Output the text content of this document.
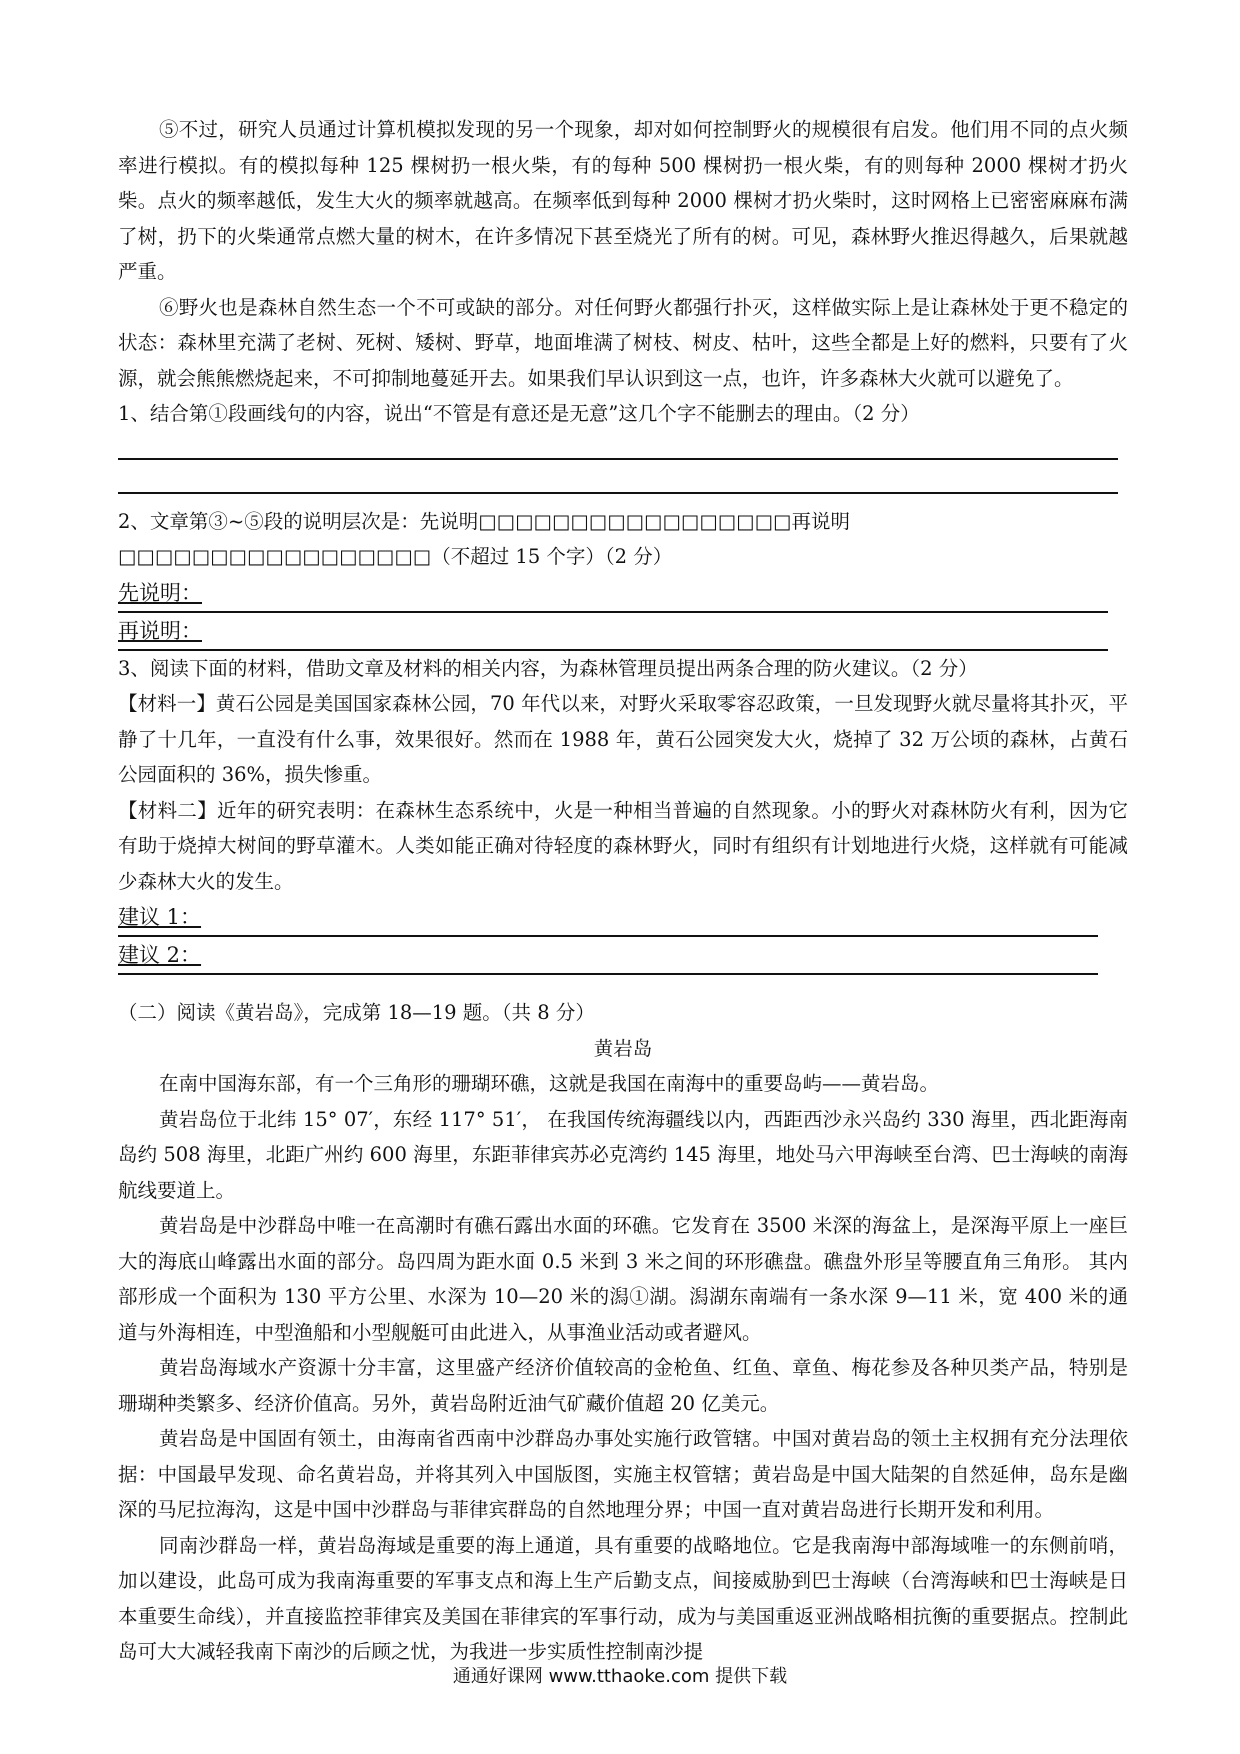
⑤不过，研究人员通过计算机模拟发现的另一个现象，却对如何控制野火的规模很有启发。他们用不同的点火频率进行模拟。有的模拟每种 125 棵树扔一根火柴，有的每种 500 棵树扔一根火柴，有的则每种 2000 棵树才扔火柴。点火的频率越低，发生大火的频率就越高。在频率低到每种 2000 棵树才扔火柴时，这时网格上已密密麻麻布满了树，扔下的火柴通常点燃大量的树木，在许多情况下甚至烧光了所有的树。可见，森林野火推迟得越久，后果就越严重。

⑥野火也是森林自然生态一个不可或缺的部分。对任何野火都强行扑灭，这样做实际上是让森林处于更不稳定的状态：森林里充满了老树、死树、矮树、野草，地面堆满了树枝、树皮、枯叶，这些全都是上好的燃料，只要有了火源，就会熊熊燃烧起来，不可抑制地蔓延开去。如果我们早认识到这一点，也许，许多森林大火就可以避免了。

1、结合第①段画线句的内容，说出“不管是有意还是无意”这几个字不能删去的理由。（2 分）
2、文章第③~⑤段的说明层次是：先说明□□□□□□□□□□□□□□□□□再说明
□□□□□□□□□□□□□□□□□（不超过 15 个字）（2 分）
先说明：
再说明：
3、阅读下面的材料，借助文章及材料的相关内容，为森林管理员提出两条合理的防火建议。（2 分）

【材料一】黄石公园是美国国家森林公园，70 年代以来，对野火采取零容忍政策，一旦发现野火就尽量将其扑灭，平静了十几年，一直没有什么事，效果很好。然而在 1988 年，黄石公园突发大火，烧掉了 32 万公顷的森林，占黄石公园面积的 36%，损失惨重。

【材料二】近年的研究表明：在森林生态系统中，火是一种相当普遍的自然现象。小的野火对森林防火有利，因为它有助于烧掉大树间的野草灌木。人类如能正确对待轻度的森林野火，同时有组织有计划地进行火烧，这样就有可能减少森林大火的发生。

建议 1：
建议 2：
（二）阅读《黄岩岛》，完成第 18—19 题。（共 8 分）
黄岩岛

在南中国海东部，有一个三角形的珊瑚环礁，这就是我国在南海中的重要岛屿——黄岩岛。

黄岩岛位于北纬 15° 07′，东经 117° 51′， 在我国传统海疆线以内，西距西沙永兴岛约 330 海里，西北距海南岛约 508 海里，北距广州约 600 海里，东距菲律宾苏必克湾约 145 海里，地处马六甲海峡至台湾、巴士海峡的南海航线要道上。

黄岩岛是中沙群岛中唯一在高潮时有礁石露出水面的环礁。它发育在 3500 米深的海盆上，是深海平原上一座巨大的海底山峰露出水面的部分。岛四周为距水面 0.5 米到 3 米之间的环形礁盘。礁盘外形呈等腰直角三角形。 其内部形成一个面积为 130 平方公里、水深为 10—20 米的潟①湖。潟湖东南端有一条水深 9—11 米，宽 400 米的通道与外海相连，中型渔船和小型舰艇可由此进入，从事渔业活动或者避风。

黄岩岛海域水产资源十分丰富，这里盛产经济价值较高的金枪鱼、红鱼、章鱼、梅花参及各种贝类产品，特别是珊瑚种类繁多、经济价值高。另外，黄岩岛附近油气矿藏价值超 20 亿美元。

黄岩岛是中国固有领土，由海南省西南中沙群岛办事处实施行政管辖。中国对黄岩岛的领土主权拥有充分法理依据：中国最早发现、命名黄岩岛，并将其列入中国版图，实施主权管辖；黄岩岛是中国大陆架的自然延伸，岛东是幽深的马尼拉海沟，这是中国中沙群岛与菲律宾群岛的自然地理分界；中国一直对黄岩岛进行长期开发和利用。

同南沙群岛一样，黄岩岛海域是重要的海上通道，具有重要的战略地位。它是我南海中部海域唯一的东侧前哨，加以建设，此岛可成为我南海重要的军事支点和海上生产后勤支点，间接威胁到巴士海峡（台湾海峡和巴士海峡是日本重要生命线），并直接监控菲律宾及美国在菲律宾的军事行动，成为与美国重返亚洲战略相抗衡的重要据点。控制此岛可大大减轻我南下南沙的后顾之忧，为我进一步实质性控制南沙提

通通好课网 www.tthaoke.com 提供下载
